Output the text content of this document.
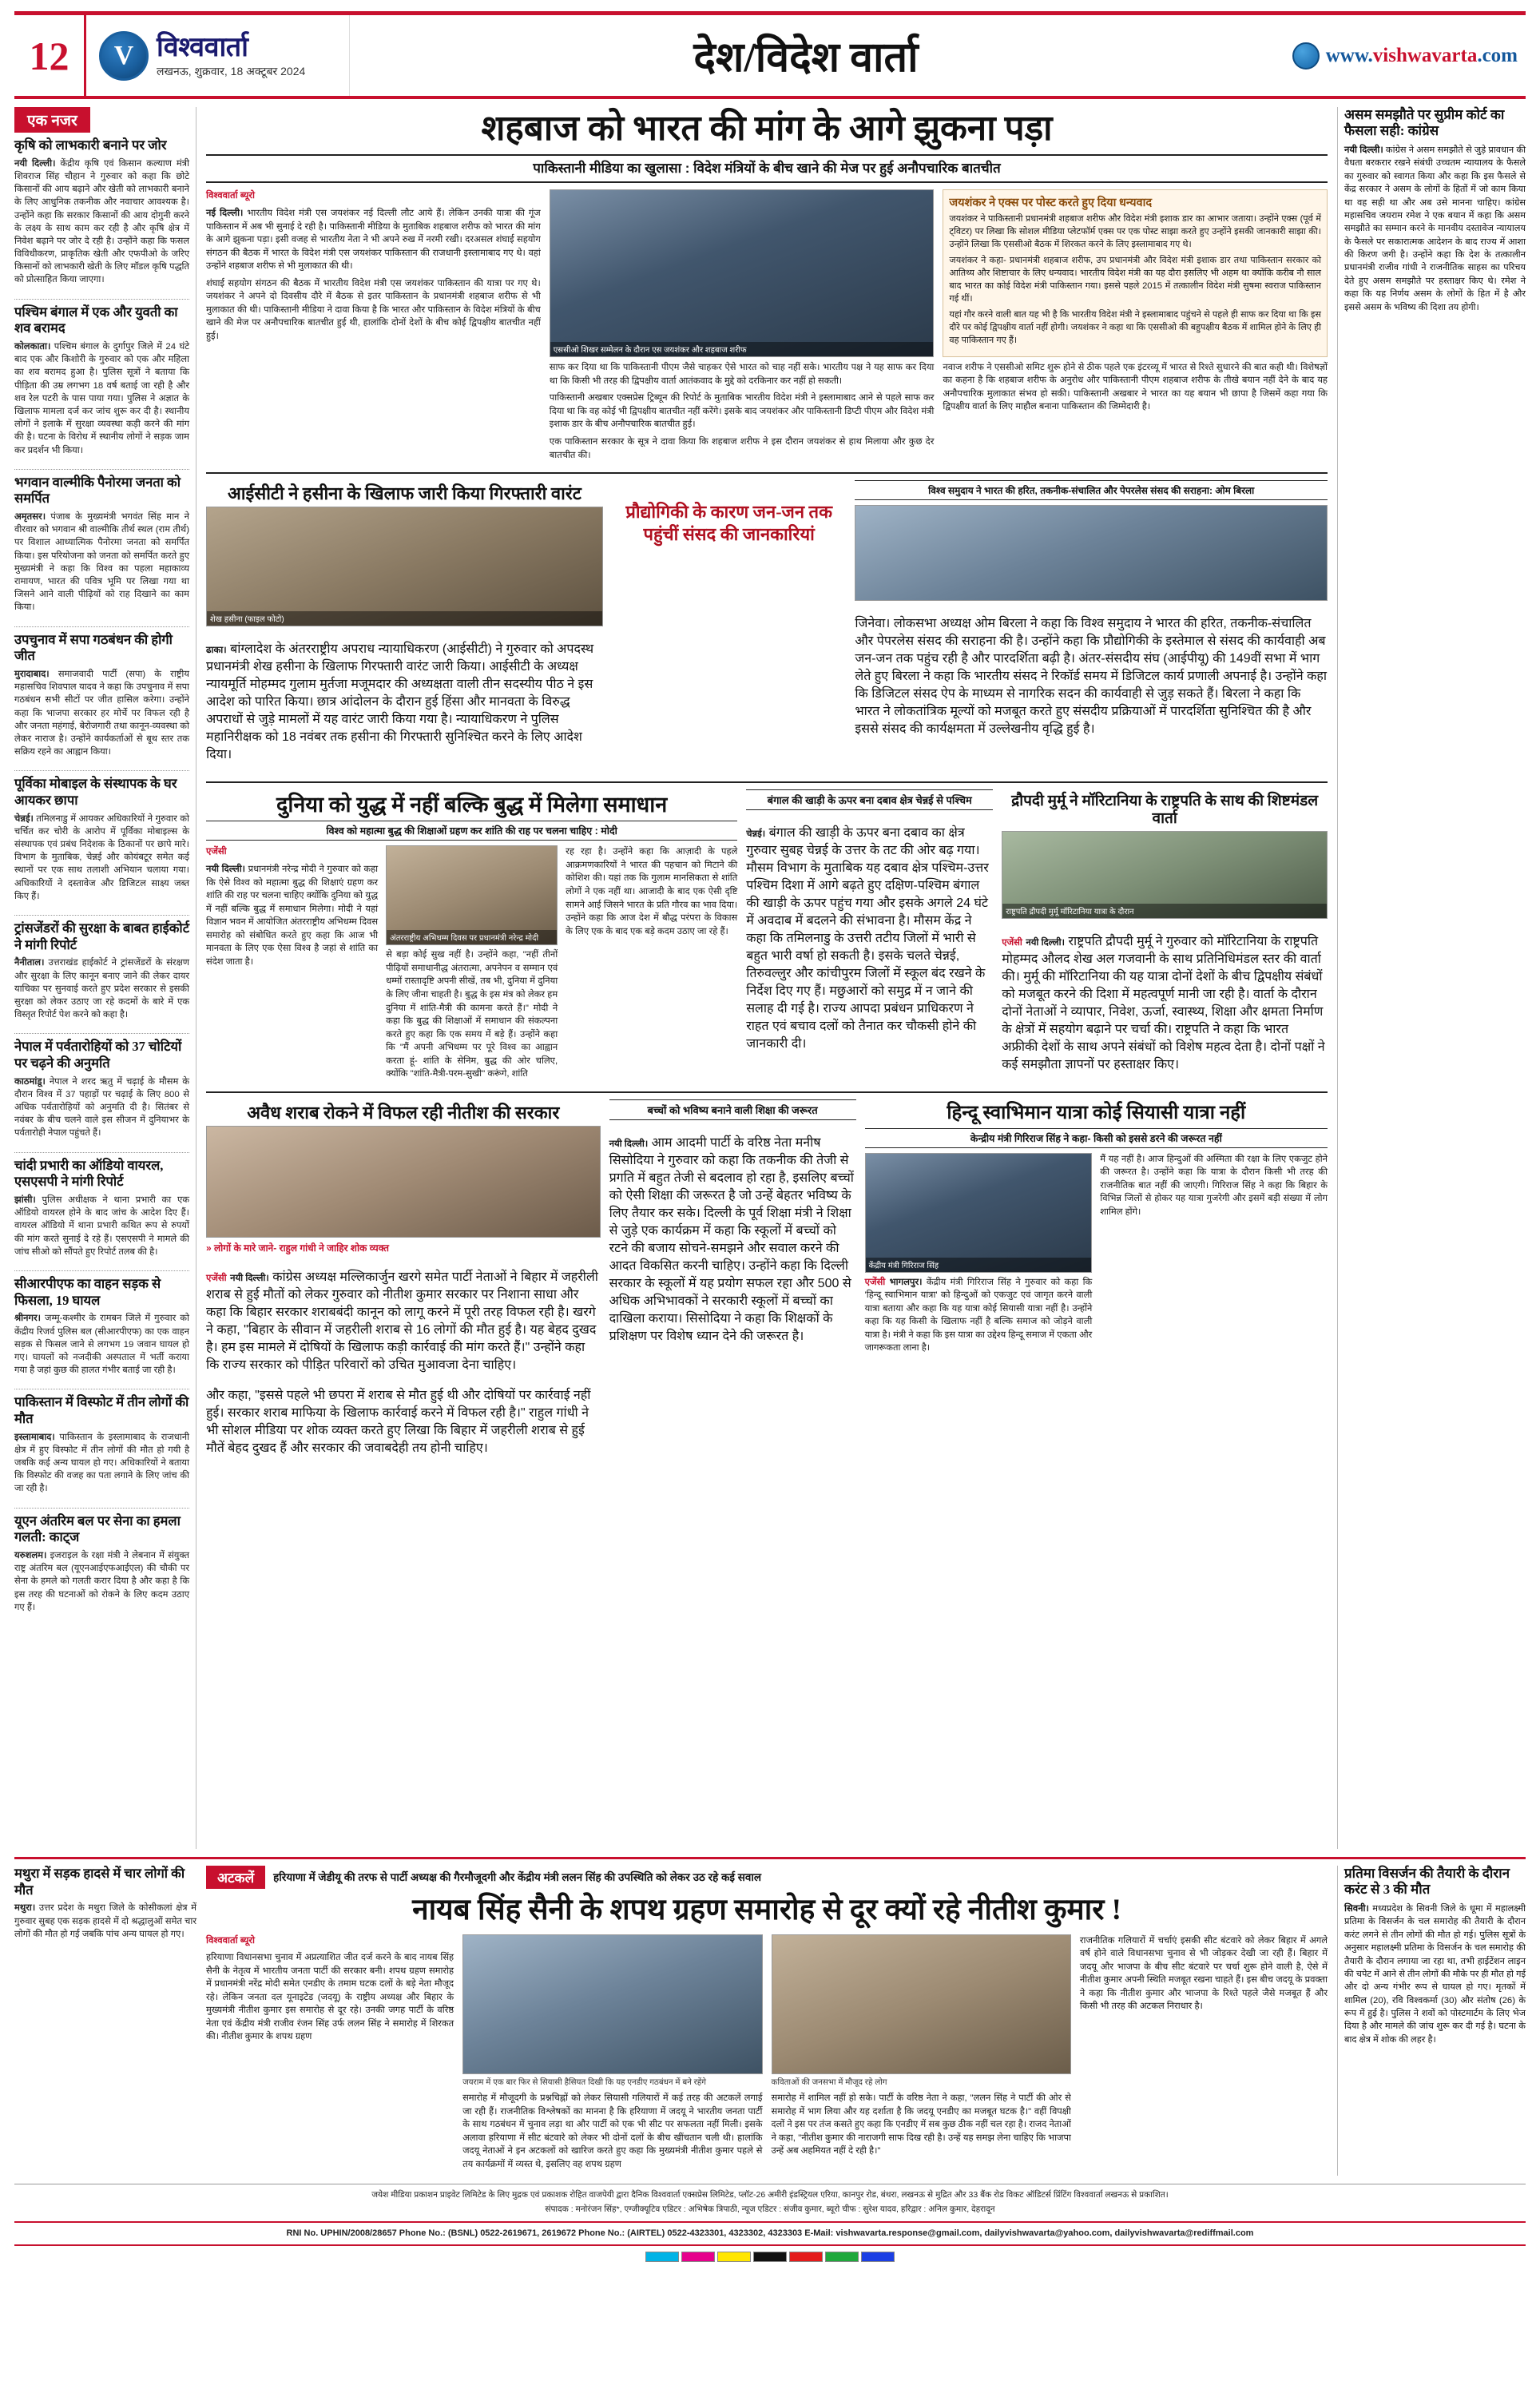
12	V विश्ववार्ता
लखनऊ, शुक्रवार, 18 अक्टूबर 2024	देश/विदेश वार्ता	www.vishwavarta.com
एक नजर
कृषि को लाभकारी बनाने पर जोर

नयी दिल्ली। केंद्रीय कृषि एवं किसान कल्याण मंत्री शिवराज सिंह चौहान ने गुरुवार को कहा कि छोटे किसानों की आय बढ़ाने और खेती को लाभकारी बनाने के लिए आधुनिक तकनीक और नवाचार आवश्यक है। उन्होंने कहा कि सरकार किसानों की आय दोगुनी करने के लक्ष्य के साथ काम कर रही है और कृषि क्षेत्र में निवेश बढ़ाने पर जोर दे रही है। उन्होंने कहा कि फसल विविधीकरण, प्राकृतिक खेती और एफपीओ के जरिए किसानों को लाभकारी खेती के लिए मॉडल कृषि पद्धति को प्रोत्साहित किया जाएगा।

पश्चिम बंगाल में एक और युवती का शव बरामद

कोलकाता। पश्चिम बंगाल के दुर्गापुर जिले में 24 घंटे बाद एक और किशोरी के गुरुवार को एक और महिला का शव बरामद हुआ है। पुलिस सूत्रों ने बताया कि पीड़िता की उम्र लगभग 18 वर्ष बताई जा रही है और शव रेल पटरी के पास पाया गया। पुलिस ने अज्ञात के खिलाफ मामला दर्ज कर जांच शुरू कर दी है। स्थानीय लोगों ने इलाके में सुरक्षा व्यवस्था कड़ी करने की मांग की है। घटना के विरोध में स्थानीय लोगों ने सड़क जाम कर प्रदर्शन भी किया।

भगवान वाल्मीकि पैनोरमा जनता को समर्पित

अमृतसर। पंजाब के मुख्यमंत्री भगवंत सिंह मान ने वीरवार को भगवान श्री वाल्मीकि तीर्थ स्थल (राम तीर्थ) पर विशाल आध्यात्मिक पैनोरमा जनता को समर्पित किया। इस परियोजना को जनता को समर्पित करते हुए मुख्यमंत्री ने कहा कि विश्व का पहला महाकाव्य रामायण, भारत की पवित्र भूमि पर लिखा गया था जिसने आने वाली पीढ़ियों को राह दिखाने का काम किया।

उपचुनाव में सपा गठबंधन की होगी जीत

मुरादाबाद। समाजवादी पार्टी (सपा) के राष्ट्रीय महासचिव शिवपाल यादव ने कहा कि उपचुनाव में सपा गठबंधन सभी सीटों पर जीत हासिल करेगा। उन्होंने कहा कि भाजपा सरकार हर मोर्चे पर विफल रही है और जनता महंगाई, बेरोजगारी तथा कानून-व्यवस्था को लेकर नाराज है। उन्होंने कार्यकर्ताओं से बूथ स्तर तक सक्रिय रहने का आह्वान किया।

पूर्विका मोबाइल के संस्थापक के घर आयकर छापा

चेन्नई। तमिलनाडु में आयकर अधिकारियों ने गुरुवार को चर्चित कर चोरी के आरोप में पूर्विका मोबाइल्स के संस्थापक एवं प्रबंध निदेशक के ठिकानों पर छापे मारे। विभाग के मुताबिक, चेन्नई और कोयंबटूर समेत कई स्थानों पर एक साथ तलाशी अभियान चलाया गया। अधिकारियों ने दस्तावेज और डिजिटल साक्ष्य जब्त किए हैं।

ट्रांसजेंडरों की सुरक्षा के बाबत हाईकोर्ट ने मांगी रिपोर्ट

नैनीताल। उत्तराखंड हाईकोर्ट ने ट्रांसजेंडरों के संरक्षण और सुरक्षा के लिए कानून बनाए जाने की लेकर दायर याचिका पर सुनवाई करते हुए प्रदेश सरकार से इसकी सुरक्षा को लेकर उठाए जा रहे कदमों के बारे में एक विस्तृत रिपोर्ट पेश करने को कहा है।

नेपाल में पर्वतारोहियों को 37 चोटियों पर चढ़ने की अनुमति

काठमांडू। नेपाल ने शरद ऋतु में चढ़ाई के मौसम के दौरान विश्व में 37 पहाड़ों पर चढ़ाई के लिए 800 से अधिक पर्वतारोहियों को अनुमति दी है। सितंबर से नवंबर के बीच चलने वाले इस सीजन में दुनियाभर के पर्वतारोही नेपाल पहुंचते हैं।

चांदी प्रभारी का ऑडियो वायरल, एसएसपी ने मांगी रिपोर्ट

झांसी। पुलिस अधीक्षक ने थाना प्रभारी का एक ऑडियो वायरल होने के बाद जांच के आदेश दिए हैं। वायरल ऑडियो में थाना प्रभारी कथित रूप से रुपयों की मांग करते सुनाई दे रहे हैं। एसएसपी ने मामले की जांच सीओ को सौंपते हुए रिपोर्ट तलब की है।

सीआरपीएफ का वाहन सड़क से फिसला, 19 घायल

श्रीनगर। जम्मू-कश्मीर के रामबन जिले में गुरुवार को केंद्रीय रिजर्व पुलिस बल (सीआरपीएफ) का एक वाहन सड़क से फिसल जाने से लगभग 19 जवान घायल हो गए। घायलों को नजदीकी अस्पताल में भर्ती कराया गया है जहां कुछ की हालत गंभीर बताई जा रही है।

पाकिस्तान में विस्फोट में तीन लोगों की मौत

इस्लामाबाद। पाकिस्तान के इस्लामाबाद के राजधानी क्षेत्र में हुए विस्फोट में तीन लोगों की मौत हो गयी है जबकि कई अन्य घायल हो गए। अधिकारियों ने बताया कि विस्फोट की वजह का पता लगाने के लिए जांच की जा रही है।

यूएन अंतरिम बल पर सेना का हमला गलती: काट्ज

यरुशलम। इजराइल के रक्षा मंत्री ने लेबनान में संयुक्त राष्ट्र अंतरिम बल (यूएनआईएफआईएल) की चौकी पर सेना के हमले को गलती करार दिया है और कहा है कि इस तरह की घटनाओं को रोकने के लिए कदम उठाए गए हैं।

शहबाज को भारत की मांग के आगे झुकना पड़ा
पाकिस्तानी मीडिया का खुलासा : विदेश मंत्रियों के बीच खाने की मेज पर हुई अनौपचारिक बातचीत

विश्ववार्ता ब्यूरो

नई दिल्ली। भारतीय विदेश मंत्री एस जयशंकर नई दिल्ली लौट आये हैं। लेकिन उनकी यात्रा की गूंज पाकिस्तान में अब भी सुनाई दे रही है। पाकिस्तानी मीडिया के मुताबिक शहबाज शरीफ को भारत की मांग के आगे झुकना पड़ा। इसी वजह से भारतीय नेता ने भी अपने रुख में नरमी रखी। दरअसल शंघाई सहयोग संगठन की बैठक में भारत के विदेश मंत्री एस जयशंकर पाकिस्तान की राजधानी इस्लामाबाद गए थे। वहां उन्होंने शहबाज शरीफ से भी मुलाकात की थी।

शंघाई सहयोग संगठन की बैठक में भारतीय विदेश मंत्री एस जयशंकर पाकिस्तान की यात्रा पर गए थे। जयशंकर ने अपने दो दिवसीय दौरे में बैठक से इतर पाकिस्तान के प्रधानमंत्री शहबाज शरीफ से भी मुलाकात की थी। पाकिस्तानी मीडिया ने दावा किया है कि भारत और पाकिस्तान के विदेश मंत्रियों के बीच खाने की मेज पर अनौपचारिक बातचीत हुई थी, हालांकि दोनों देशों के बीच कोई द्विपक्षीय बातचीत नहीं हुई।

एससीओ शिखर सम्मेलन के दौरान एस जयशंकर और शहबाज शरीफ

साफ कर दिया था कि पाकिस्तानी पीएम जैसे चाहकर ऐसे भारत को चाह नहीं सके। भारतीय पक्ष ने यह साफ कर दिया था कि किसी भी तरह की द्विपक्षीय वार्ता आतंकवाद के मुद्दे को दरकिनार कर नहीं हो सकती।

पाकिस्तानी अखबार एक्सप्रेस ट्रिब्यून की रिपोर्ट के मुताबिक भारतीय विदेश मंत्री ने इस्लामाबाद आने से पहले साफ कर दिया था कि वह कोई भी द्विपक्षीय बातचीत नहीं करेंगे। इसके बाद जयशंकर और पाकिस्तानी डिप्टी पीएम और विदेश मंत्री इशाक डार के बीच अनौपचारिक बातचीत हुई।

एक पाकिस्तान सरकार के सूत्र ने दावा किया कि शहबाज शरीफ ने इस दौरान जयशंकर से हाथ मिलाया और कुछ देर बातचीत की।

जयशंकर ने एक्स पर पोस्ट करते हुए दिया धन्यवाद

जयशंकर ने पाकिस्तानी प्रधानमंत्री शहबाज शरीफ और विदेश मंत्री इशाक डार का आभार जताया। उन्होंने एक्स (पूर्व में ट्विटर) पर लिखा कि सोशल मीडिया प्लेटफॉर्म एक्स पर एक पोस्ट साझा करते हुए उन्होंने इसकी जानकारी साझा की। उन्होंने लिखा कि एससीओ बैठक में शिरकत करने के लिए इस्लामाबाद गए थे।

जयशंकर ने कहा- प्रधानमंत्री शहबाज शरीफ, उप प्रधानमंत्री और विदेश मंत्री इशाक डार तथा पाकिस्तान सरकार को आतिथ्य और शिष्टाचार के लिए धन्यवाद। भारतीय विदेश मंत्री का यह दौरा इसलिए भी अहम था क्योंकि करीब नौ साल बाद भारत का कोई विदेश मंत्री पाकिस्तान गया। इससे पहले 2015 में तत्कालीन विदेश मंत्री सुषमा स्वराज पाकिस्तान गई थीं।

यहां गौर करने वाली बात यह भी है कि भारतीय विदेश मंत्री ने इस्लामाबाद पहुंचने से पहले ही साफ कर दिया था कि इस दौरे पर कोई द्विपक्षीय वार्ता नहीं होगी। जयशंकर ने कहा था कि एससीओ की बहुपक्षीय बैठक में शामिल होने के लिए ही वह पाकिस्तान गए हैं।

नवाज शरीफ ने एससीओ समिट शुरू होने से ठीक पहले एक इंटरव्यू में भारत से रिश्ते सुधारने की बात कही थी। विशेषज्ञों का कहना है कि शहबाज शरीफ के अनुरोध और पाकिस्तानी पीएम शहबाज शरीफ के तीखे बयान नहीं देने के बाद यह अनौपचारिक मुलाकात संभव हो सकी। पाकिस्तानी अखबार ने भारत का यह बयान भी छापा है जिसमें कहा गया कि द्विपक्षीय वार्ता के लिए माहौल बनाना पाकिस्तान की जिम्मेदारी है।

आईसीटी ने हसीना के खिलाफ जारी किया गिरफ्तारी वारंट
शेख हसीना (फाइल फोटो)

ढाका। बांग्लादेश के अंतरराष्ट्रीय अपराध न्यायाधिकरण (आईसीटी) ने गुरुवार को अपदस्थ प्रधानमंत्री शेख हसीना के खिलाफ गिरफ्तारी वारंट जारी किया। आईसीटी के अध्यक्ष न्यायमूर्ति मोहम्मद गुलाम मुर्तजा मजूमदार की अध्यक्षता वाली तीन सदस्यीय पीठ ने इस आदेश को पारित किया। छात्र आंदोलन के दौरान हुई हिंसा और मानवता के विरुद्ध अपराधों से जुड़े मामलों में यह वारंट जारी किया गया है। न्यायाधिकरण ने पुलिस महानिरीक्षक को 18 नवंबर तक हसीना की गिरफ्तारी सुनिश्चित करने के लिए आदेश दिया।

प्रौद्योगिकी के कारण जन-जन तक पहुंचीं संसद की जानकारियां
विश्व समुदाय ने भारत की हरित, तकनीक-संचालित और पेपरलेस संसद की सराहना: ओम बिरला

जिनेवा। लोकसभा अध्यक्ष ओम बिरला ने कहा कि विश्व समुदाय ने भारत की हरित, तकनीक-संचालित और पेपरलेस संसद की सराहना की है। उन्होंने कहा कि प्रौद्योगिकी के इस्तेमाल से संसद की कार्यवाही अब जन-जन तक पहुंच रही है और पारदर्शिता बढ़ी है। अंतर-संसदीय संघ (आईपीयू) की 149वीं सभा में भाग लेते हुए बिरला ने कहा कि भारतीय संसद ने रिकॉर्ड समय में डिजिटल कार्य प्रणाली अपनाई है। उन्होंने कहा कि डिजिटल संसद ऐप के माध्यम से नागरिक सदन की कार्यवाही से जुड़ सकते हैं। बिरला ने कहा कि भारत ने लोकतांत्रिक मूल्यों को मजबूत करते हुए संसदीय प्रक्रियाओं में पारदर्शिता सुनिश्चित की है और इससे संसद की कार्यक्षमता में उल्लेखनीय वृद्धि हुई है।

दुनिया को युद्ध में नहीं बल्कि बुद्ध में मिलेगा समाधान
विश्व को महात्मा बुद्ध की शिक्षाओं ग्रहण कर शांति की राह पर चलना चाहिए : मोदी

एजेंसी

नयी दिल्ली। प्रधानमंत्री नरेन्द्र मोदी ने गुरुवार को कहा कि ऐसे विश्व को महात्मा बुद्ध की शिक्षाएं ग्रहण कर शांति की राह पर चलना चाहिए क्योंकि दुनिया को युद्ध में नहीं बल्कि बुद्ध में समाधान मिलेगा। मोदी ने यहां विज्ञान भवन में आयोजित अंतरराष्ट्रीय अभिधम्म दिवस समारोह को संबोधित करते हुए कहा कि आज भी मानवता के लिए एक ऐसा विश्व है जहां से शांति का संदेश जाता है।

अंतरराष्ट्रीय अभिधम्म दिवस पर प्रधानमंत्री नरेन्द्र मोदी

से बड़ा कोई सुख नहीं है। उन्होंने कहा, "नहीं तीनों पीढ़ियों समाधानीद्ध अंतरात्मा, अपनेपन व सम्मान एवं धम्मों रास्तादृष्टि अपनी सीखें, तब भी, दुनिया में दुनिया के लिए जीना चाहती है। बुद्ध के इस मंत्र को लेकर हम दुनिया में शांति-मैत्री की कामना करते हैं।" मोदी ने कहा कि बुद्ध की शिक्षाओं में समाधान की संकल्पना करते हुए कहा कि एक समय में बड़े हैं। उन्होंने कहा कि "मैं अपनी अभिधम्म पर पूरे विश्व का आह्वान करता हूं- शांति के सेनिम, बुद्ध की ओर चलिए, क्योंकि "शांति-मैत्री-परम-सुखी" करूंगे, शांति

रह रहा है। उन्होंने कहा कि आज़ादी के पहले आक्रमणकारियों ने भारत की पहचान को मिटाने की कोशिश की। यहां तक कि गुलाम मानसिकता से शांति लोगों ने एक नहीं था। आजादी के बाद एक ऐसी दृष्टि सामने आई जिसने भारत के प्रति गौरव का भाव दिया। उन्होंने कहा कि आज देश में बौद्ध परंपरा के विकास के लिए एक के बाद एक बड़े कदम उठाए जा रहे हैं।

बंगाल की खाड़ी के ऊपर बना दबाव क्षेत्र चेन्नई से पश्चिम

चेन्नई। बंगाल की खाड़ी के ऊपर बना दबाव का क्षेत्र गुरुवार सुबह चेन्नई के उत्तर के तट की ओर बढ़ गया। मौसम विभाग के मुताबिक यह दबाव क्षेत्र पश्चिम-उत्तर पश्चिम दिशा में आगे बढ़ते हुए दक्षिण-पश्चिम बंगाल की खाड़ी के ऊपर पहुंच गया और इसके अगले 24 घंटे में अवदाब में बदलने की संभावना है। मौसम केंद्र ने कहा कि तमिलनाडु के उत्तरी तटीय जिलों में भारी से बहुत भारी वर्षा हो सकती है। इसके चलते चेन्नई, तिरुवल्लुर और कांचीपुरम जिलों में स्कूल बंद रखने के निर्देश दिए गए हैं। मछुआरों को समुद्र में न जाने की सलाह दी गई है। राज्य आपदा प्रबंधन प्राधिकरण ने राहत एवं बचाव दलों को तैनात कर चौकसी होने की जानकारी दी।

द्रौपदी मुर्मू ने मॉरिटानिया के राष्ट्रपति के साथ की शिष्टमंडल वार्ता
राष्ट्रपति द्रौपदी मुर्मू मॉरिटानिया यात्रा के दौरान

एजेंसी नयी दिल्ली। राष्ट्रपति द्रौपदी मुर्मू ने गुरुवार को मॉरिटानिया के राष्ट्रपति मोहम्मद औलद शेख अल गजवानी के साथ प्रतिनिधिमंडल स्तर की वार्ता की। मुर्मू की मॉरिटानिया की यह यात्रा दोनों देशों के बीच द्विपक्षीय संबंधों को मजबूत करने की दिशा में महत्वपूर्ण मानी जा रही है। वार्ता के दौरान दोनों नेताओं ने व्यापार, निवेश, ऊर्जा, स्वास्थ्य, शिक्षा और क्षमता निर्माण के क्षेत्रों में सहयोग बढ़ाने पर चर्चा की। राष्ट्रपति ने कहा कि भारत अफ्रीकी देशों के साथ अपने संबंधों को विशेष महत्व देता है। दोनों पक्षों ने कई समझौता ज्ञापनों पर हस्ताक्षर किए।

अवैध शराब रोकने में विफल रही नीतीश की सरकार
» लोगों के मारे जाने- राहुल गांधी ने जाहिर शोक व्यक्त

एजेंसी नयी दिल्ली। कांग्रेस अध्यक्ष मल्लिकार्जुन खरगे समेत पार्टी नेताओं ने बिहार में जहरीली शराब से हुई मौतों को लेकर गुरुवार को नीतीश कुमार सरकार पर निशाना साधा और कहा कि बिहार सरकार शराबबंदी कानून को लागू करने में पूरी तरह विफल रही है। खरगे ने कहा, "बिहार के सीवान में जहरीली शराब से 16 लोगों की मौत हुई है। यह बेहद दुखद है। हम इस मामले में दोषियों के खिलाफ कड़ी कार्रवाई की मांग करते हैं।" उन्होंने कहा कि राज्य सरकार को पीड़ित परिवारों को उचित मुआवजा देना चाहिए।

और कहा, "इससे पहले भी छपरा में शराब से मौत हुई थी और दोषियों पर कार्रवाई नहीं हुई। सरकार शराब माफिया के खिलाफ कार्रवाई करने में विफल रही है।" राहुल गांधी ने भी सोशल मीडिया पर शोक व्यक्त करते हुए लिखा कि बिहार में जहरीली शराब से हुई मौतें बेहद दुखद हैं और सरकार की जवाबदेही तय होनी चाहिए।

बच्चों को भविष्य बनाने वाली शिक्षा की जरूरत

नयी दिल्ली। आम आदमी पार्टी के वरिष्ठ नेता मनीष सिसोदिया ने गुरुवार को कहा कि तकनीक की तेजी से प्रगति में बहुत तेजी से बदलाव हो रहा है, इसलिए बच्चों को ऐसी शिक्षा की जरूरत है जो उन्हें बेहतर भविष्य के लिए तैयार कर सके। दिल्ली के पूर्व शिक्षा मंत्री ने शिक्षा से जुड़े एक कार्यक्रम में कहा कि स्कूलों में बच्चों को रटने की बजाय सोचने-समझने और सवाल करने की आदत विकसित करनी चाहिए। उन्होंने कहा कि दिल्ली सरकार के स्कूलों में यह प्रयोग सफल रहा और 500 से अधिक अभिभावकों ने सरकारी स्कूलों में बच्चों का दाखिला कराया। सिसोदिया ने कहा कि शिक्षकों के प्रशिक्षण पर विशेष ध्यान देने की जरूरत है।

हिन्दू स्वाभिमान यात्रा कोई सियासी यात्रा नहीं
केन्द्रीय मंत्री गिरिराज सिंह ने कहा- किसी को इससे डरने की जरूरत नहीं
केंद्रीय मंत्री गिरिराज सिंह

एजेंसी भागलपुर। केंद्रीय मंत्री गिरिराज सिंह ने गुरुवार को कहा कि 'हिन्दू स्वाभिमान यात्रा' को हिन्दुओं को एकजुट एवं जागृत करने वाली यात्रा बताया और कहा कि यह यात्रा कोई सियासी यात्रा नहीं है। उन्होंने कहा कि यह किसी के खिलाफ नहीं है बल्कि समाज को जोड़ने वाली यात्रा है। मंत्री ने कहा कि इस यात्रा का उद्देश्य हिन्दू समाज में एकता और जागरूकता लाना है।

मैं यह नहीं है। आज हिन्दुओं की अस्मिता की रक्षा के लिए एकजुट होने की जरूरत है। उन्होंने कहा कि यात्रा के दौरान किसी भी तरह की राजनीतिक बात नहीं की जाएगी। गिरिराज सिंह ने कहा कि बिहार के विभिन्न जिलों से होकर यह यात्रा गुजरेगी और इसमें बड़ी संख्या में लोग शामिल होंगे।

असम समझौते पर सुप्रीम कोर्ट का फैसला सही: कांग्रेस

नयी दिल्ली। कांग्रेस ने असम समझौते से जुड़े प्रावधान की वैधता बरकरार रखने संबंधी उच्चतम न्यायालय के फैसले का गुरुवार को स्वागत किया और कहा कि इस फैसले से केंद्र सरकार ने असम के लोगों के हितों में जो काम किया था वह सही था और अब उसे मानना चाहिए। कांग्रेस महासचिव जयराम रमेश ने एक बयान में कहा कि असम समझौते का सम्मान करने के मानवीय दस्तावेज न्यायालय के फैसले पर सकारात्मक आदेशन के बाद राज्य में आशा की किरण जगी है। उन्होंने कहा कि देश के तत्कालीन प्रधानमंत्री राजीव गांधी ने राजनीतिक साहस का परिचय देते हुए असम समझौते पर हस्ताक्षर किए थे। रमेश ने कहा कि यह निर्णय असम के लोगों के हित में है और इससे असम के भविष्य की दिशा तय होगी।

मथुरा में सड़क हादसे में चार लोगों की मौत

मथुरा। उत्तर प्रदेश के मथुरा जिले के कोसीकलां क्षेत्र में गुरुवार सुबह एक सड़क हादसे में दो श्रद्धालुओं समेत चार लोगों की मौत हो गई जबकि पांच अन्य घायल हो गए।

अटकलें	हरियाणा में जेडीयू की तरफ से पार्टी अध्यक्ष की गैरमौजूदगी और केंद्रीय मंत्री ललन सिंह की उपस्थिति को लेकर उठ रहे कई सवाल
नायब सिंह सैनी के शपथ ग्रहण समारोह से दूर क्यों रहे नीतीश कुमार !

विश्ववार्ता ब्यूरो

हरियाणा विधानसभा चुनाव में अप्रत्याशित जीत दर्ज करने के बाद नायब सिंह सैनी के नेतृत्व में भारतीय जनता पार्टी की सरकार बनी। शपथ ग्रहण समारोह में प्रधानमंत्री नरेंद्र मोदी समेत एनडीए के तमाम घटक दलों के बड़े नेता मौजूद रहे। लेकिन जनता दल यूनाइटेड (जदयू) के राष्ट्रीय अध्यक्ष और बिहार के मुख्यमंत्री नीतीश कुमार इस समारोह से दूर रहे। उनकी जगह पार्टी के वरिष्ठ नेता एवं केंद्रीय मंत्री राजीव रंजन सिंह उर्फ ललन सिंह ने समारोह में शिरकत की। नीतीश कुमार के शपथ ग्रहण

जयराम में एक बार फिर से सियासी हैसियत दिखी कि यह एनडीए गठबंधन में बने रहेंगे

समारोह में मौजूदगी के प्रश्नचिह्नों को लेकर सियासी गलियारों में कई तरह की अटकलें लगाई जा रही हैं। राजनीतिक विश्लेषकों का मानना है कि हरियाणा में जदयू ने भारतीय जनता पार्टी के साथ गठबंधन में चुनाव लड़ा था और पार्टी को एक भी सीट पर सफलता नहीं मिली। इसके अलावा हरियाणा में सीट बंटवारे को लेकर भी दोनों दलों के बीच खींचतान चली थी। हालांकि जदयू नेताओं ने इन अटकलों को खारिज करते हुए कहा कि मुख्यमंत्री नीतीश कुमार पहले से तय कार्यक्रमों में व्यस्त थे, इसलिए वह शपथ ग्रहण

कविताओं की जनसभा में मौजूद रहे लोग

समारोह में शामिल नहीं हो सके। पार्टी के वरिष्ठ नेता ने कहा, "ललन सिंह ने पार्टी की ओर से समारोह में भाग लिया और यह दर्शाता है कि जदयू एनडीए का मजबूत घटक है।" वहीं विपक्षी दलों ने इस पर तंज कसते हुए कहा कि एनडीए में सब कुछ ठीक नहीं चल रहा है। राजद नेताओं ने कहा, "नीतीश कुमार की नाराजगी साफ दिख रही है। उन्हें यह समझ लेना चाहिए कि भाजपा उन्हें अब अहमियत नहीं दे रही है।"

राजनीतिक गलियारों में चर्चाएं इसकी सीट बंटवारे को लेकर बिहार में अगले वर्ष होने वाले विधानसभा चुनाव से भी जोड़कर देखी जा रही हैं। बिहार में जदयू और भाजपा के बीच सीट बंटवारे पर चर्चा शुरू होने वाली है, ऐसे में नीतीश कुमार अपनी स्थिति मजबूत रखना चाहते हैं। इस बीच जदयू के प्रवक्ता ने कहा कि नीतीश कुमार और भाजपा के रिश्ते पहले जैसे मजबूत हैं और किसी भी तरह की अटकल निराधार है।

प्रतिमा विसर्जन की तैयारी के दौरान करंट से 3 की मौत

सिवनी। मध्यप्रदेश के सिवनी जिले के धूमा में महालक्ष्मी प्रतिमा के विसर्जन के चल समारोह की तैयारी के दौरान करंट लगने से तीन लोगों की मौत हो गई। पुलिस सूत्रों के अनुसार महालक्ष्मी प्रतिमा के विसर्जन के चल समारोह की तैयारी के दौरान लगाया जा रहा था, तभी हाईटेंशन लाइन की चपेट में आने से तीन लोगों की मौके पर ही मौत हो गई और दो अन्य गंभीर रूप से घायल हो गए। मृतकों में शामिल (20), रवि विश्वकर्मा (30) और संतोष (26) के रूप में हुई है। पुलिस ने शवों को पोस्टमार्टम के लिए भेज दिया है और मामले की जांच शुरू कर दी गई है। घटना के बाद क्षेत्र में शोक की लहर है।

जयेश मीडिया प्रकाशन प्राइवेट लिमिटेड के लिए मुद्रक एवं प्रकाशक रोहित वाजपेयी द्वारा दैनिक विश्ववार्ता एक्सप्रेस लिमिटेड, प्लॉट-26 अमीरी इंडस्ट्रियल एरिया, कानपुर रोड, बंथरा, लखनऊ से मुद्रित और 33 बैंक रोड विकट ऑडिटर्स प्रिंटिंग विश्ववार्ता लखनऊ से प्रकाशित।
संपादक : मनोरंजन सिंह*, एग्जीक्यूटिव एडिटर : अभिषेक त्रिपाठी, न्यूज एडिटर : संजीव कुमार, ब्यूरो चीफ : सुरेश यादव, हरिद्वार : अनिल कुमार, देहरादून
RNI No. UPHIN/2008/28657 Phone No.: (BSNL) 0522-2619671, 2619672 Phone No.: (AIRTEL) 0522-4323301, 4323302, 4323303 E-Mail: vishwavarta.response@gmail.com, dailyvishwavarta@yahoo.com, dailyvishwavarta@rediffmail.com
